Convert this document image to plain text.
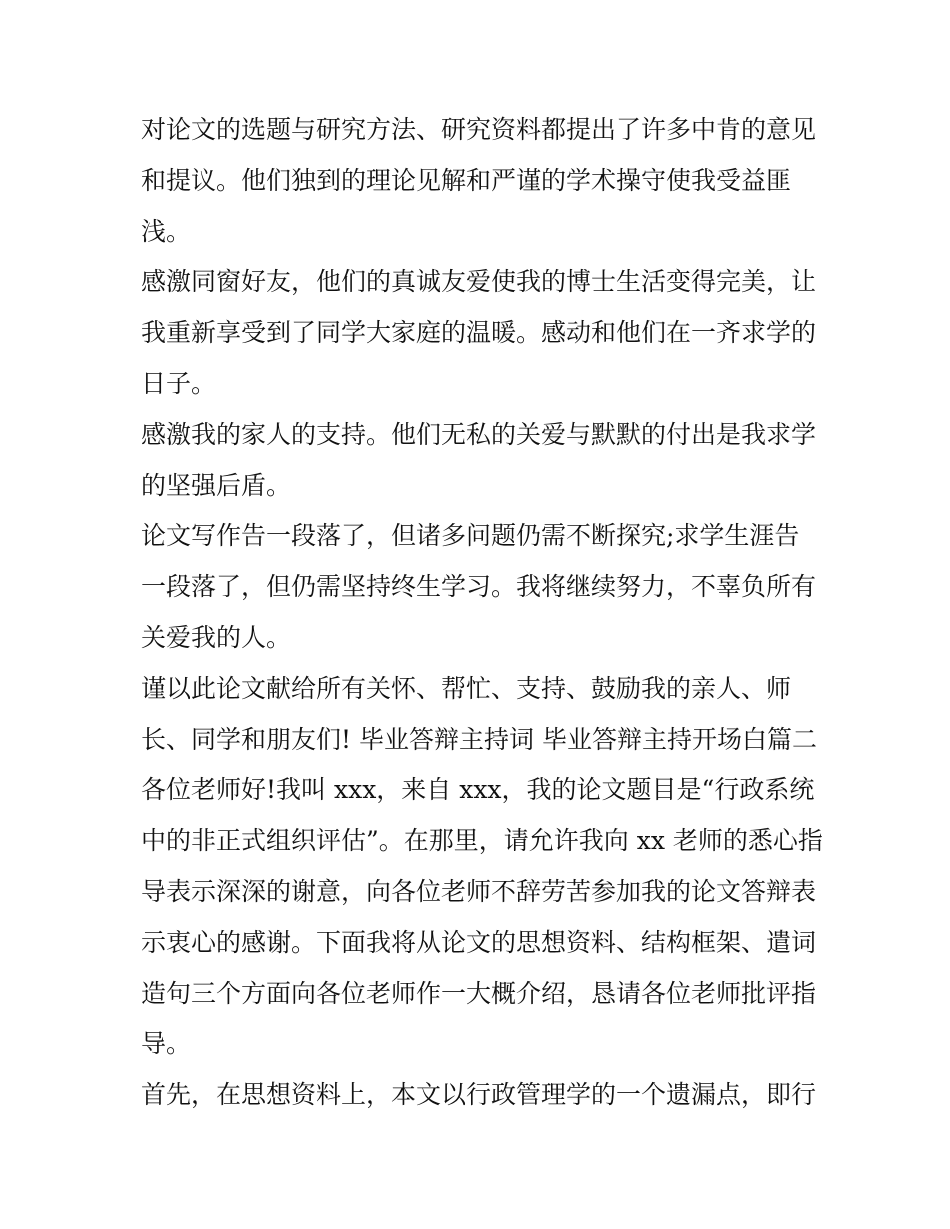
对论文的选题与研究方法、研究资料都提出了许多中肯的意见
和提议。他们独到的理论见解和严谨的学术操守使我受益匪
浅。
感激同窗好友，他们的真诚友爱使我的博士生活变得完美，让
我重新享受到了同学大家庭的温暖。感动和他们在一齐求学的
日子。
感激我的家人的支持。他们无私的关爱与默默的付出是我求学
的坚强后盾。
论文写作告一段落了，但诸多问题仍需不断探究;求学生涯告
一段落了，但仍需坚持终生学习。我将继续努力，不辜负所有
关爱我的人。
谨以此论文献给所有关怀、帮忙、支持、鼓励我的亲人、师
长、同学和朋友们! 毕业答辩主持词 毕业答辩主持开场白篇二
各位老师好!我叫 xxx，来自 xxx，我的论文题目是“行政系统
中的非正式组织评估”。在那里，请允许我向 xx 老师的悉心指
导表示深深的谢意，向各位老师不辞劳苦参加我的论文答辩表
示衷心的感谢。下面我将从论文的思想资料、结构框架、遣词
造句三个方面向各位老师作一大概介绍，恳请各位老师批评指
导。
首先，在思想资料上，本文以行政管理学的一个遗漏点，即行
